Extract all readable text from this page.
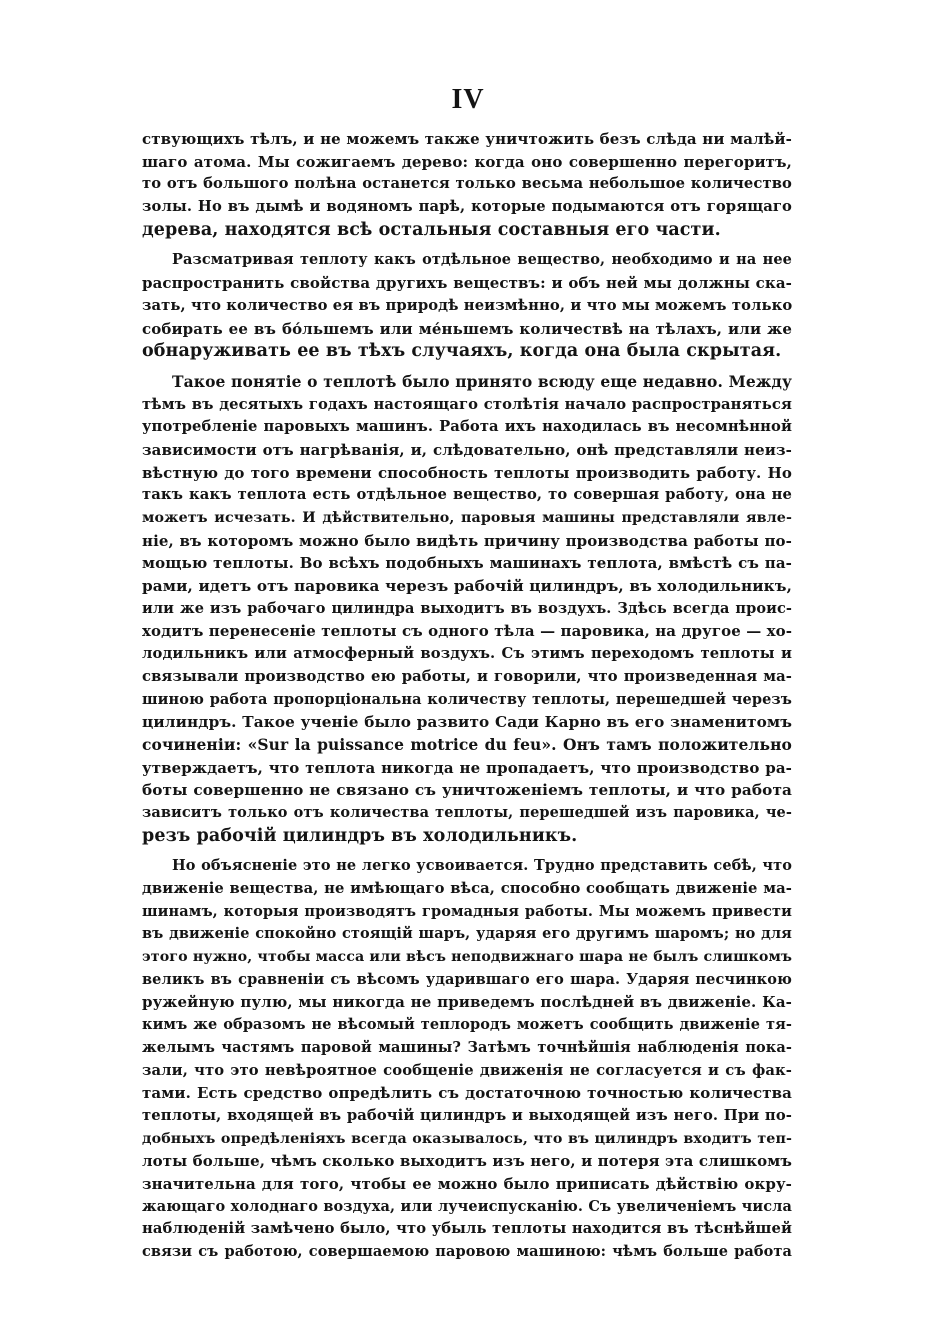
IV
ствующихъ тѣлъ, и не можемъ также уничтожить безъ слѣда ни малѣй-
шаго атома. Мы сожигаемъ дерево: когда оно совершенно перегоритъ,
то отъ большого полѣна останется только весьма небольшое количество
золы. Но въ дымѣ и водяномъ парѣ, которые подымаются отъ горящаго
дерева, находятся всѣ остальныя составныя его части.
Разсматривая теплоту какъ отдѣльное вещество, необходимо и на нее
распространить свойства другихъ веществъ: и объ ней мы должны ска-
зать, что количество ея въ природѣ неизмѣнно, и что мы можемъ только
собирать ее въ бо́льшемъ или ме́ньшемъ количествѣ на тѣлахъ, или же
обнаруживать ее въ тѣхъ случаяхъ, когда она была скрытая.
Такое понятіе о теплотѣ было принято всюду еще недавно. Между
тѣмъ въ десятыхъ годахъ настоящаго столѣтія начало распространяться
употребленіе паровыхъ машинъ. Работа ихъ находилась въ несомнѣнной
зависимости отъ нагрѣванія, и, слѣдовательно, онѣ представляли неиз-
вѣстную до того времени способность теплоты производить работу. Но
такъ какъ теплота есть отдѣльное вещество, то совершая работу, она не
можетъ исчезать. И дѣйствительно, паровыя машины представляли явле-
ніе, въ которомъ можно было видѣть причину производства работы по-
мощью теплоты. Во всѣхъ подобныхъ машинахъ теплота, вмѣстѣ съ па-
рами, идетъ отъ паровика черезъ рабочій цилиндръ, въ холодильникъ,
или же изъ рабочаго цилиндра выходитъ въ воздухъ. Здѣсь всегда проис-
ходитъ перенесеніе теплоты съ одного тѣла — паровика, на другое — хо-
лодильникъ или атмосферный воздухъ. Съ этимъ переходомъ теплоты и
связывали производство ею работы, и говорили, что произведенная ма-
шиною работа пропорціональна количеству теплоты, перешедшей черезъ
цилиндръ. Такое ученіе было развито Сади Карно въ его знаменитомъ
сочиненіи: «Sur la puissance motrice du feu». Онъ тамъ положительно
утверждаетъ, что теплота никогда не пропадаетъ, что производство ра-
боты совершенно не связано съ уничтоженіемъ теплоты, и что работа
зависитъ только отъ количества теплоты, перешедшей изъ паровика, че-
резъ рабочій цилиндръ въ холодильникъ.
Но объясненіе это не легко усвоивается. Трудно представить себѣ, что
движеніе вещества, не имѣющаго вѣса, способно сообщать движеніе ма-
шинамъ, которыя производятъ громадныя работы. Мы можемъ привести
въ движеніе спокойно стоящій шаръ, ударяя его другимъ шаромъ; но для
этого нужно, чтобы масса или вѣсъ неподвижнаго шара не былъ слишкомъ
великъ въ сравненіи съ вѣсомъ ударившаго его шара. Ударяя песчинкою
ружейную пулю, мы никогда не приведемъ послѣдней въ движеніе. Ка-
кимъ же образомъ не вѣсомый теплородъ можетъ сообщить движеніе тя-
желымъ частямъ паровой машины? Затѣмъ точнѣйшія наблюденія пока-
зали, что это невѣроятное сообщеніе движенія не согласуется и съ фак-
тами. Есть средство опредѣлить съ достаточною точностью количества
теплоты, входящей въ рабочій цилиндръ и выходящей изъ него. При по-
добныхъ опредѣленіяхъ всегда оказывалось, что въ цилиндръ входитъ теп-
лоты больше, чѣмъ сколько выходитъ изъ него, и потеря эта слишкомъ
значительна для того, чтобы ее можно было приписать дѣйствію окру-
жающаго холоднаго воздуха, или лучеиспусканію. Съ увеличеніемъ числа
наблюденій замѣчено было, что убыль теплоты находится въ тѣснѣйшей
связи съ работою, совершаемою паровою машиною: чѣмъ больше работа
